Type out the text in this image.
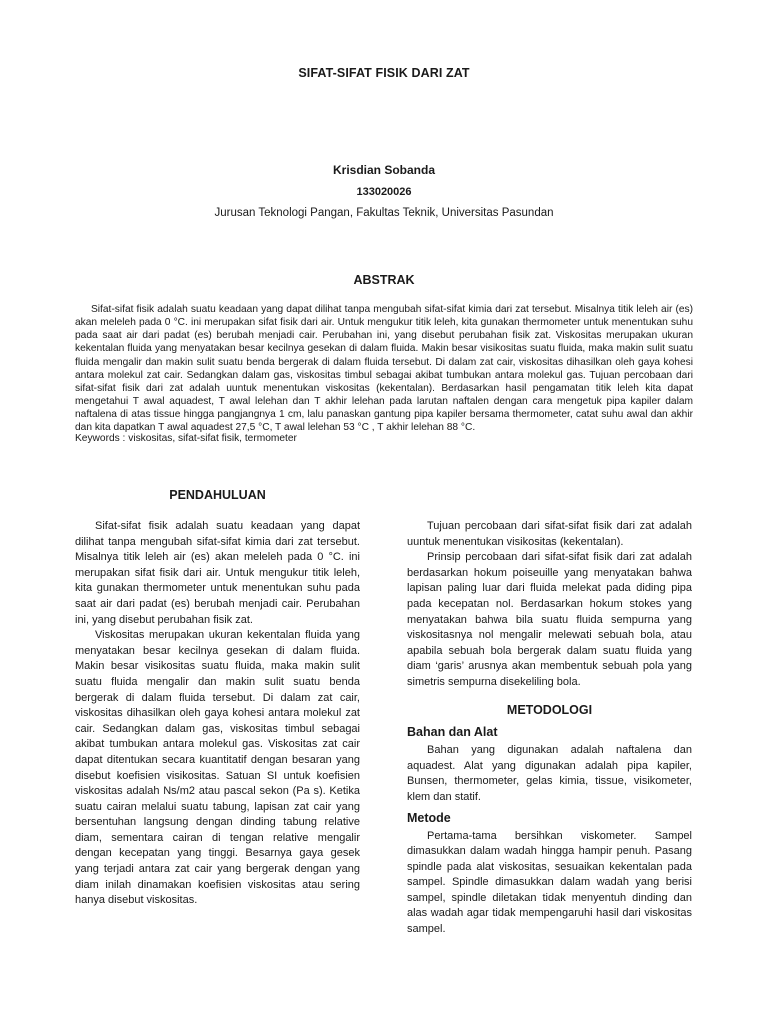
SIFAT-SIFAT FISIK DARI ZAT
Krisdian Sobanda
133020026
Jurusan Teknologi Pangan, Fakultas Teknik, Universitas Pasundan
ABSTRAK
Sifat-sifat fisik adalah suatu keadaan yang dapat dilihat tanpa mengubah sifat-sifat kimia dari zat tersebut. Misalnya titik leleh air (es) akan meleleh pada 0 °C. ini merupakan sifat fisik dari air. Untuk mengukur titik leleh, kita gunakan thermometer untuk menentukan suhu pada saat air dari padat (es) berubah menjadi cair. Perubahan ini, yang disebut perubahan fisik zat. Viskositas merupakan ukuran kekentalan fluida yang menyatakan besar kecilnya gesekan di dalam fluida. Makin besar visikositas suatu fluida, maka makin sulit suatu fluida mengalir dan makin sulit suatu benda bergerak di dalam fluida tersebut. Di dalam zat cair, viskositas dihasilkan oleh gaya kohesi antara molekul zat cair. Sedangkan dalam gas, viskositas timbul sebagai akibat tumbukan antara molekul gas. Tujuan percobaan dari sifat-sifat fisik dari zat adalah uuntuk menentukan viskositas (kekentalan). Berdasarkan hasil pengamatan titik leleh kita dapat mengetahui T awal aquadest, T awal lelehan dan T akhir lelehan pada larutan naftalen dengan cara mengetuk pipa kapiler dalam naftalena di atas tissue hingga pangjangnya 1 cm, lalu panaskan gantung pipa kapiler bersama thermometer, catat suhu awal dan akhir dan kita dapatkan T awal aquadest 27,5 °C, T awal lelehan 53 °C , T akhir lelehan 88 °C.
Keywords : viskositas, sifat-sifat fisik, termometer
PENDAHULUAN

Sifat-sifat fisik adalah suatu keadaan yang dapat dilihat tanpa mengubah sifat-sifat kimia dari zat tersebut. Misalnya titik leleh air (es) akan meleleh pada 0 °C. ini merupakan sifat fisik dari air. Untuk mengukur titik leleh, kita gunakan thermometer untuk menentukan suhu pada saat air dari padat (es) berubah menjadi cair. Perubahan ini, yang disebut perubahan fisik zat.

Viskositas merupakan ukuran kekentalan fluida yang menyatakan besar kecilnya gesekan di dalam fluida. Makin besar visikositas suatu fluida, maka makin sulit suatu fluida mengalir dan makin sulit suatu benda bergerak di dalam fluida tersebut. Di dalam zat cair, viskositas dihasilkan oleh gaya kohesi antara molekul zat cair. Sedangkan dalam gas, viskositas timbul sebagai akibat tumbukan antara molekul gas. Viskositas zat cair dapat ditentukan secara kuantitatif dengan besaran yang disebut koefisien visikositas. Satuan SI untuk koefisien viskositas adalah Ns/m2 atau pascal sekon (Pa s). Ketika suatu cairan melalui suatu tabung, lapisan zat cair yang bersentuhan langsung dengan dinding tabung relative diam, sementara cairan di tengan relative mengalir dengan kecepatan yang tinggi. Besarnya gaya gesek yang terjadi antara zat cair yang bergerak dengan yang diam inilah dinamakan koefisien viskositas atau sering hanya disebut viskositas.

Tujuan percobaan dari sifat-sifat fisik dari zat adalah uuntuk menentukan visikositas (kekentalan).

Prinsip percobaan dari sifat-sifat fisik dari zat adalah berdasarkan hokum poiseuille yang menyatakan bahwa lapisan paling luar dari fluida melekat pada diding pipa pada kecepatan nol. Berdasarkan hokum stokes yang menyatakan bahwa bila suatu fluida sempurna yang viskositasnya nol mengalir melewati sebuah bola, atau apabila sebuah bola bergerak dalam suatu fluida yang diam ‘garis’ arusnya akan membentuk sebuah pola yang simetris sempurna disekeliling bola.

METODOLOGI
Bahan dan Alat

Bahan yang digunakan adalah naftalena dan aquadest. Alat yang digunakan adalah pipa kapiler, Bunsen, thermometer, gelas kimia, tissue, visikometer, klem dan statif.

Metode

Pertama-tama bersihkan viskometer. Sampel dimasukkan dalam wadah hingga hampir penuh. Pasang spindle pada alat viskositas, sesuaikan kekentalan pada sampel. Spindle dimasukkan dalam wadah yang berisi sampel, spindle diletakan tidak menyentuh dinding dan alas wadah agar tidak mempengaruhi hasil dari viskositas sampel.
